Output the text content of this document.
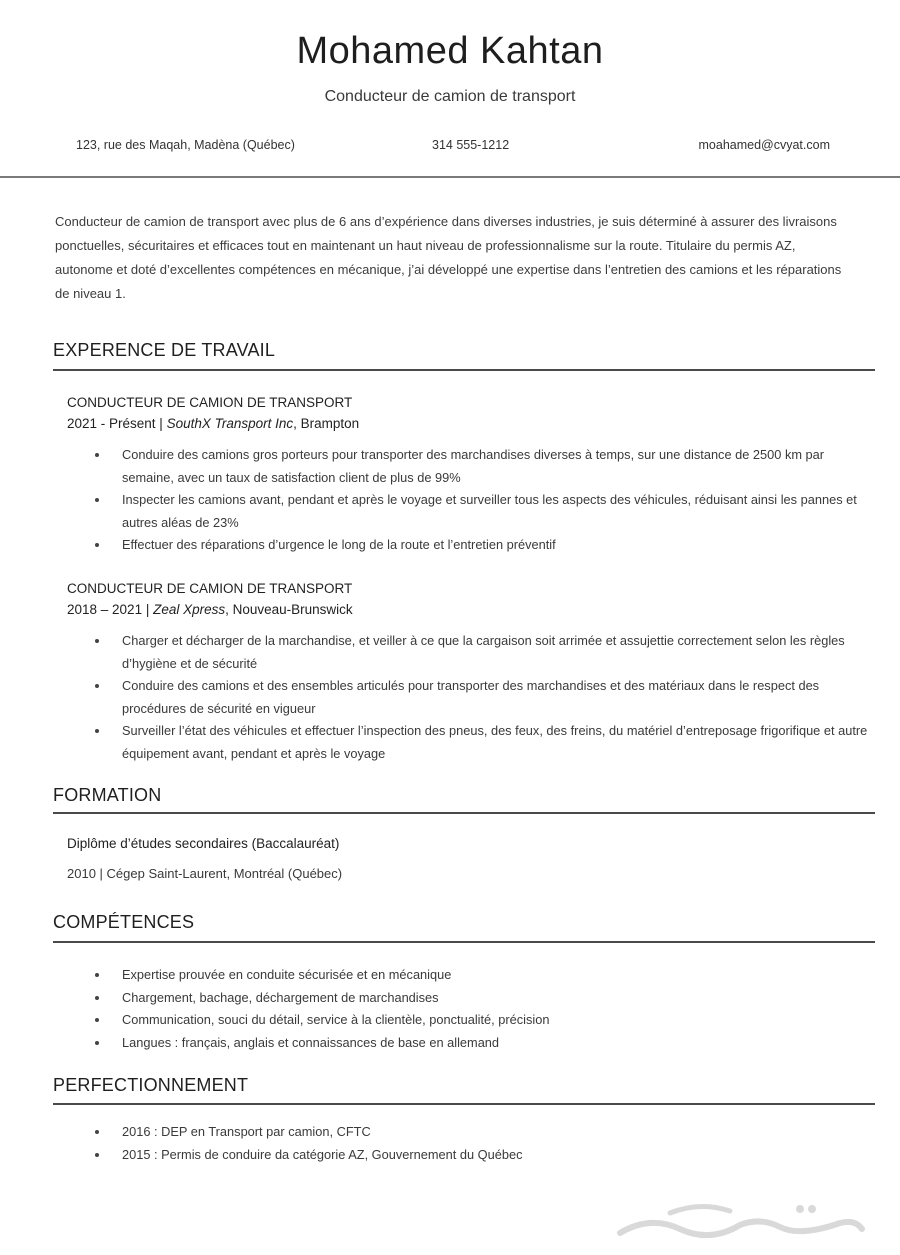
Mohamed Kahtan
Conducteur de camion de transport
123, rue des Maqah, Madèna (Québec)	314 555-1212	moahamed@cvyat.com
Conducteur de camion de transport avec plus de 6 ans d’expérience dans diverses industries, je suis déterminé à assurer des livraisons ponctuelles, sécuritaires et efficaces tout en maintenant un haut niveau de professionnalisme sur la route. Titulaire du permis AZ, autonome et doté d’excellentes compétences en mécanique, j’ai développé une expertise dans l’entretien des camions et les réparations de niveau 1.
EXPERENCE DE TRAVAIL
CONDUCTEUR DE CAMION DE TRANSPORT
2021 - Présent | SouthX Transport Inc, Brampton
Conduire des camions gros porteurs pour transporter des marchandises diverses à temps, sur une distance de 2500 km par semaine, avec un taux de satisfaction client de plus de 99%
Inspecter les camions avant, pendant et après le voyage et surveiller tous les aspects des véhicules, réduisant ainsi les pannes et autres aléas de 23%
Effectuer des réparations d’urgence le long de la route et l’entretien préventif
CONDUCTEUR DE CAMION DE TRANSPORT
2018 – 2021 | Zeal Xpress, Nouveau-Brunswick
Charger et décharger de la marchandise, et veiller à ce que la cargaison soit arrimée et assujettie correctement selon les règles d’hygiène et de sécurité
Conduire des camions et des ensembles articulés pour transporter des marchandises et des matériaux dans le respect des procédures de sécurité en vigueur
Surveiller l’état des véhicules et effectuer l’inspection des pneus, des feux, des freins, du matériel d’entreposage frigorifique et autre équipement avant, pendant et après le voyage
FORMATION
Diplôme d’études secondaires (Baccalauréat)
2010 | Cégep Saint-Laurent, Montréal (Québec)
COMPÉTENCES
Expertise prouvée en conduite sécurisée et en mécanique
Chargement, bachage, déchargement de marchandises
Communication, souci du détail, service à la clientèle, ponctualité, précision
Langues : français, anglais et connaissances de base en allemand
PERFECTIONNEMENT
2016 : DEP en Transport par camion, CFTC
2015 : Permis de conduire da catégorie AZ, Gouvernement du Québec
